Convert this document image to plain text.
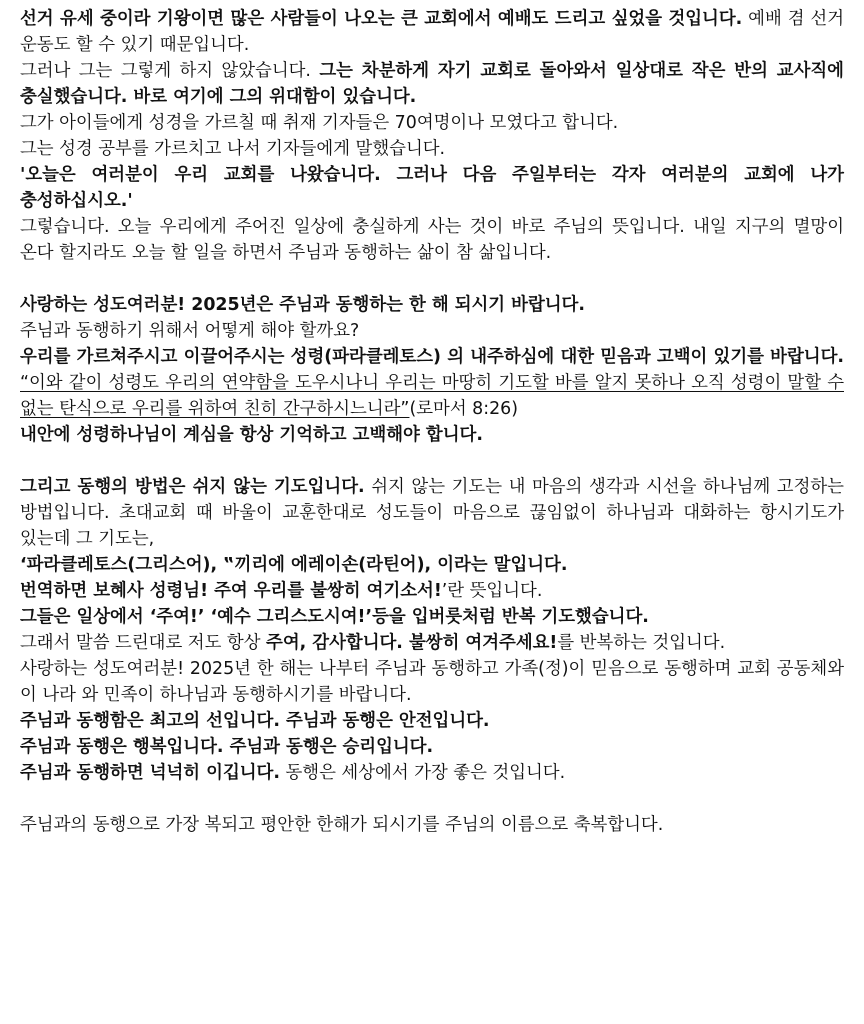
선거 유세 중이라 기왕이면 많은 사람들이 나오는 큰 교회에서 예배도 드리고 싶었을 것입니다. 예배 겸 선거 운동도 할 수 있기 때문입니다.

그러나 그는 그렇게 하지 않았습니다. 그는 차분하게 자기 교회로 돌아와서 일상대로 작은 반의 교사직에 충실했습니다. 바로 여기에 그의 위대함이 있습니다.

그가 아이들에게 성경을 가르칠 때 취재 기자들은 70여명이나 모였다고 합니다.

그는 성경 공부를 가르치고 나서 기자들에게 말했습니다.

'오늘은 여러분이 우리 교회를 나왔습니다. 그러나 다음 주일부터는 각자 여러분의 교회에 나가 충성하십시오.'

그렇습니다. 오늘 우리에게 주어진 일상에 충실하게 사는 것이 바로 주님의 뜻입니다. 내일 지구의 멸망이 온다 할지라도 오늘 할 일을 하면서 주님과 동행하는 삶이 참 삶입니다.

사랑하는 성도여러분! 2025년은 주님과 동행하는 한 해 되시기 바랍니다.

주님과 동행하기 위해서 어떻게 해야 할까요?

우리를 가르쳐주시고 이끌어주시는 성령(파라클레토스) 의 내주하심에 대한 믿음과 고백이 있기를 바랍니다. “이와 같이 성령도 우리의 연약함을 도우시나니 우리는 마땅히 기도할 바를 알지 못하나 오직 성령이 말할 수 없는 탄식으로 우리를 위하여 친히 간구하시느니라”(로마서 8:26)

내안에 성령하나님이 계심을 항상 기억하고 고백해야 합니다.

그리고 동행의 방법은 쉬지 않는 기도입니다. 쉬지 않는 기도는 내 마음의 생각과 시선을 하나님께 고정하는 방법입니다. 초대교회 때 바울이 교훈한대로 성도들이 마음으로 끊임없이 하나님과 대화하는 항시기도가 있는데 그 기도는,

‘파라클레토스(그리스어), ‟끼리에 에레이손(라틴어), 이라는 말입니다.

번역하면 보혜사 성령님! 주여 우리를 불쌍히 여기소서!’란 뜻입니다.

그들은 일상에서 ‘주여!’ ‘예수 그리스도시여!’등을 입버릇처럼 반복 기도했습니다.

그래서 말씀 드린대로 저도 항상 주여, 감사합니다. 불쌍히 여겨주세요!를 반복하는 것입니다.

사랑하는 성도여러분! 2025년 한 해는 나부터 주님과 동행하고 가족(정)이 믿음으로 동행하며 교회 공동체와 이 나라 와 민족이 하나님과 동행하시기를 바랍니다.

주님과 동행함은 최고의 선입니다. 주님과 동행은 안전입니다.

주님과 동행은 행복입니다. 주님과 동행은 승리입니다.

주님과 동행하면 넉넉히 이깁니다. 동행은 세상에서 가장 좋은 것입니다.

주님과의 동행으로 가장 복되고 평안한 한해가 되시기를 주님의 이름으로 축복합니다.
